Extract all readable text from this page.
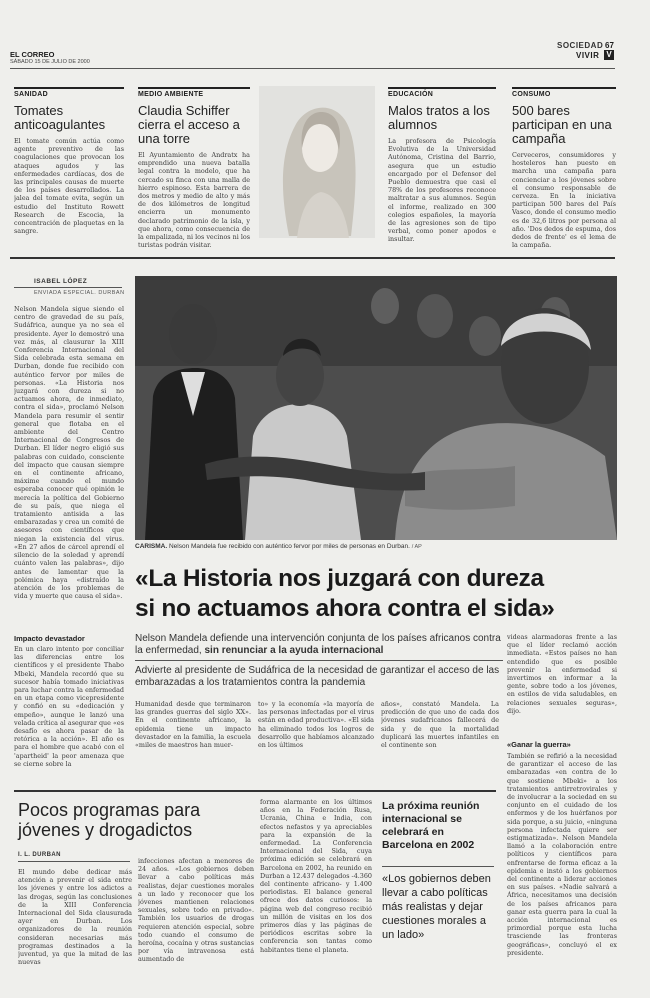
EL CORREO
SÁBADO 15 DE JULIO DE 2000
SOCIEDAD 67
VIVIR V
SANIDAD
Tomates anticoagulantes
El tomate común actúa como agente preventivo de las coagulaciones que provocan los ataques agudos y las enfermedades cardíacas, dos de las principales causas de muerte de los países desarrollados. La jalea del tomate evita, según un estudio del Instituto Rowett Research de Escocia, la concentración de plaquetas en la sangre.
MEDIO AMBIENTE
Claudia Schiffer cierra el acceso a una torre
El Ayuntamiento de Andratx ha emprendido una nueva batalla legal contra la modelo, que ha cercado su finca con una malla de hierro espinoso. Esta barrera de dos metros y medio de alto y más de dos kilómetros de longitud encierra un monumento declarado patrimonio de la isla, y que ahora, como consecuencia de la empalizada, ni los vecinos ni los turistas podrán visitar.
EDUCACIÓN
Malos tratos a los alumnos
La profesora de Psicología Evolutiva de la Universidad Autónoma, Cristina del Barrio, asegura que un estudio encargado por el Defensor del Pueblo demuestra que casi el 78% de los profesores reconoce maltratar a sus alumnos. Según el informe, realizado en 300 colegios españoles, la mayoría de las agresiones son de tipo verbal, como poner apodos e insultar.
CONSUMO
500 bares participan en una campaña
Cerveceros, consumidores y hosteleros han puesto en marcha una campaña para concienciar a los jóvenes sobre el consumo responsable de cerveza. En la iniciativa participan 500 bares del País Vasco, donde el consumo medio es de 32,6 litros por persona al año. 'Dos dedos de espuma, dos dedos de frente' es el lema de la campaña.
ISABEL LÓPEZ
ENVIADA ESPECIAL. DURBAN
Nelson Mandela sigue siendo el centro de gravedad de su país, Sudáfrica, aunque ya no sea el presidente. Ayer lo demostró una vez más, al clausurar la XIII Conferencia Internacional del Sida celebrada esta semana en Durban, donde fue recibido con auténtico fervor por miles de personas. «La Historia nos juzgará con dureza si no actuamos ahora, de inmediato, contra el sida», proclamó Nelson Mandela para resumir el sentir general que flotaba en el ambiente del Centro Internacional de Congresos de Durban. El líder negro eligió sus palabras con cuidado, consciente del impacto que causan siempre en el continente africano, máxime cuando el mundo esperaba conocer qué opinión le merecía la política del Gobierno de su país, que niega el tratamiento antisida a las embarazadas y crea un comité de asesores con científicos que niegan la existencia del virus. «En 27 años de cárcel aprendí el silencio de la soledad y aprendí cuánto valen las palabras», dijo antes de lamentar que la polémica haya «distraído la atención de los problemas de vida y muerte que causa el sida».
Impacto devastador
En un claro intento por conciliar las diferencias entre los científicos y el presidente Thabo Mbeki, Mandela recordó que su sucesor había tomado iniciativas para luchar contra la enfermedad en un etapa como vicepresidente y confió en su «dedicación y empeño», aunque le lanzó una velada crítica al asegurar que «es desafío es ahora pasar de la retórica a la acción». El año es para el hombre que acabó con el 'apartheid' la peor amenaza que se cierne sobre la
CARISMA. Nelson Mandela fue recibido con auténtico fervor por miles de personas en Durban. / AP
«La Historia nos juzgará con dureza
si no actuamos ahora contra el sida»
Nelson Mandela defiende una intervención conjunta de los países africanos contra la enfermedad, sin renunciar a la ayuda internacional
Advierte al presidente de Sudáfrica de la necesidad de garantizar el acceso de las embarazadas a los tratamientos contra la pandemia
Humanidad desde que terminaron las grandes guerras del siglo XX». En el continente africano, la epidemia tiene un impacto devastador en la familia, la escuela «miles de maestros han muer-
to» y la economía «la mayoría de las personas infectadas por el virus están en edad productiva». «El sida ha eliminado todos los logros de desarrollo que habíamos alcanzado en los últimos
años», constató Mandela. La predicción de que uno de cada dos jóvenes sudafricanos fallecerá de sida y de que la mortalidad duplicará las muertes infantiles en el continente son
videas alarmadoras frente a las que el líder reclamó acción inmediata. «Estos países no han entendido que es posible prevenir la enfermedad si invertimos en informar a la gente, sobre todo a los jóvenes, en estilos de vida saludables, en relaciones sexuales seguras», dijo.
«Ganar la guerra»
También se refirió a la necesidad de garantizar el acceso de las embarazadas «en contra de lo que sostiene Mbeki» a los tratamientos antirretrovirales y de involucrar a la sociedad en su conjunto en el cuidado de los enfermos y de los huérfanos por sida porque, a su juicio, «ninguna persona infectada quiere ser estigmatizada». Nelson Mandela llamó a la colaboración entre políticos y científicos para enfrentarse de forma eficaz a la epidemia e instó a los gobiernos del continente a liderar acciones en sus países. «Nadie salvará a África, necesitamos una decisión de los países africanos para ganar esta guerra para la cual la acción internacional es primordial porque esta lucha trasciende las fronteras geográficas», concluyó el ex presidente.
Pocos programas para
jóvenes y drogadictos
I. L. DURBAN
El mundo debe dedicar más atención a prevenir el sida entre los jóvenes y entre los adictos a las drogas, según las conclusiones de la XIII Conferencia Internacional del Sida clausurada ayer en Durban. Los organizadores de la reunión consideran necesarias más programas destinados a la juventud, ya que la mitad de las nuevas
infecciones afectan a menores de 24 años. «Los gobiernos deben llevar a cabo políticas más realistas, dejar cuestiones morales a un lado y reconocer que los jóvenes mantienen relaciones sexuales, sobre todo en privado». También los usuarios de drogas requieren atención especial, sobre todo cuando el consumo de heroína, cocaína y otras sustancias por vía intravenosa está aumentado de
forma alarmante en los últimos años en la Federación Rusa, Ucrania, China e India, con efectos nefastos y ya apreciables para la expansión de la enfermedad. La Conferencia Internacional del Sida, cuya próxima edición se celebrará en Barcelona en 2002, ha reunido en Durban a 12.437 delegados -4.360 del continente africano- y 1.400 periodistas. El balance general ofrece dos datos curiosos: la página web del congreso recibió un millón de visitas en los dos primeros días y las páginas de periódicos escritas sobre la conferencia son tantas como habitantes tiene el planeta.
La próxima reunión internacional se celebrará en Barcelona en 2002
«Los gobiernos deben llevar a cabo políticas más realistas y dejar cuestiones morales a un lado»
